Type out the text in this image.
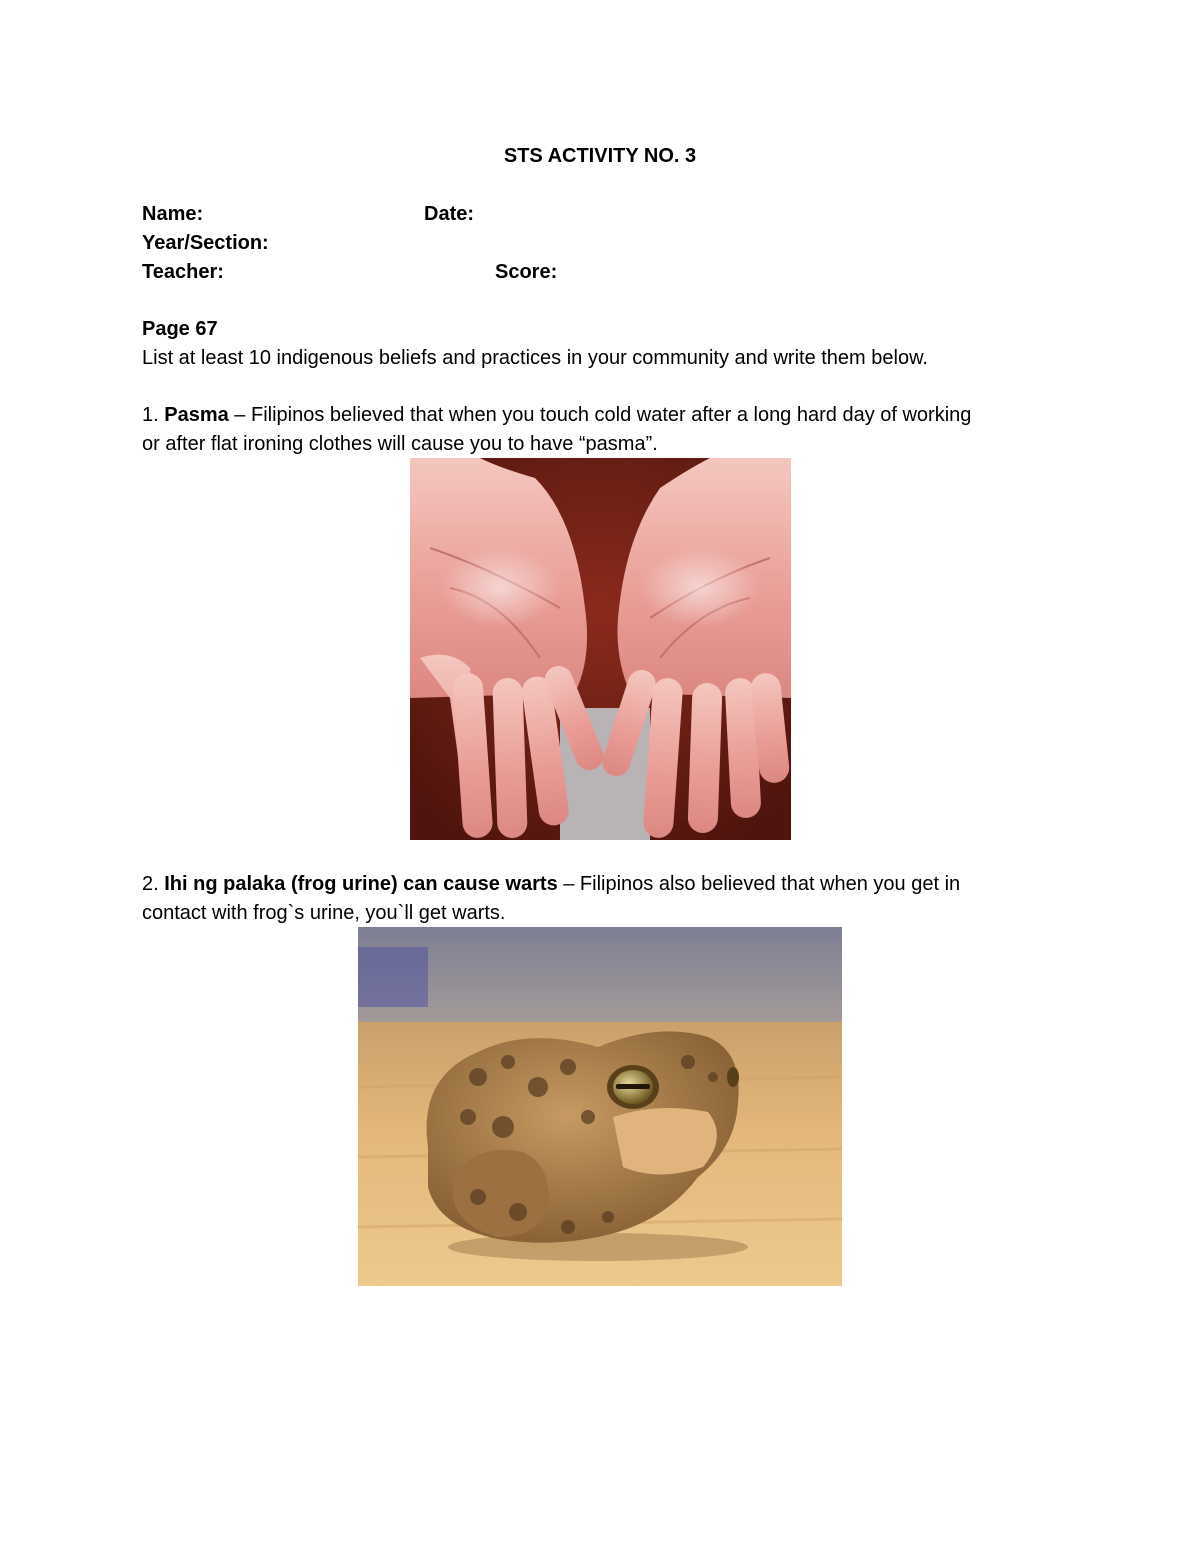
STS ACTIVITY NO. 3
Name:	Date:
Year/Section:
Teacher:	Score:
Page 67
List at least 10 indigenous beliefs and practices in your community and write them below.
1. Pasma – Filipinos believed that when you touch cold water after a long hard day of working
or after flat ironing clothes will cause you to have “pasma”.
2. Ihi ng palaka (frog urine) can cause warts – Filipinos also believed that when you get in
contact with frog`s urine, you`ll get warts.
